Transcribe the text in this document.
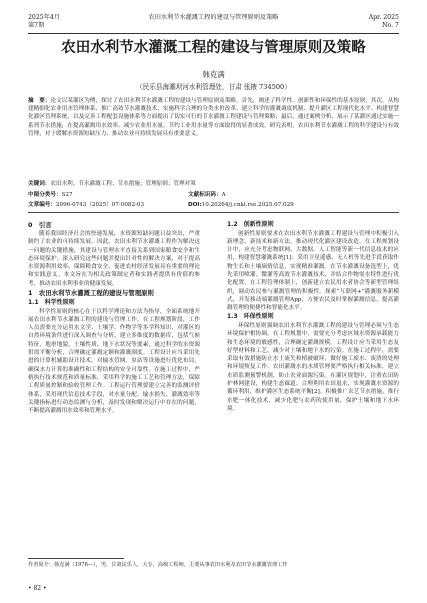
2025年4月
第7期
农田水利节水灌溉工程的建设与管理原则及策略	Apr. 2025
No. 7
农田水利节水灌溉工程的建设与管理原则及策略
韩克满
（民乐县海潮坝河水利管理处，甘肃 张掖 734500）
摘　要：论文以某灌区为例，探讨了农田水利节水灌溉工程的建设与管理原则及策略。首先，阐述了科学性、创新性和环保性的基本原则；其次，从构建精细化农业用水管理体系、推广高效节水灌溉技术、实施科学合理的分类水价改革、建立科学的灌溉调度机制、提升灌区工程现代化水平、构建智慧化灌区管理系统，以及完善工程配套设施体系等方面提出了切实可行的节水灌溉工程建设与管理策略；最后，通过案例分析，展示了某灌区通过实施一系列节水措施，在提高灌溉用水效率、减少农业用水量、节约工业用水量等方面取得的显著成效。研究表明，农田水利节水灌溉工程的科学建设与有效管理，对于缓解水资源短缺压力、推动农业可持续发展具有重要意义。
关键词：农田水利；节水灌溉工程；节水措施；管理原则；管理对策
中图分类号：S27	文献标识码：A
文章编号：2096-0743（2025）07-0082-03	DOI:10.20264/j.cnki.rse.2025.07.029
0　引言

随着我国经济社会的快速发展，水资源短缺问题日益突出，严重制约了农业的可持续发展。因此，农田水利节水灌溉工程作为解决这一问题的关键措施，其建设与管理水平直接关系到国家粮食安全和生态环境保护。深入研究这些问题并提出针对性的解决方案，对于提高水资源利用效率、保障粮食安全、促进农村经济发展具有重要的理论和实践意义。本文旨在为相关政策制定者和实践者提供有价值的参考，推动农田水利事业的健康发展。

1　农田水利节水灌溉工程的建设与管理原则
1.1　科学性原则

科学性原则的核心在于以科学理论和方法为指导，全面系统地开展农田水利节水灌溉工程的建设与管理工作。在工程规划阶段，工作人员需要充分运用水文学、土壤学、作物学等多学科知识，对灌区的自然环境条件进行深入调查与分析，建立多维度的数据库，包括气候特征、地形地貌、土壤性质、地下水状况等要素，通过科学的水资源供需平衡分析，合理确定灌溉定额和灌溉制度。工程设计应当采用先进的计算机辅助设计技术，对输水管网、泵站等设施进行优化布局，确保水力计算的准确性和工程结构的安全可靠性。在施工过程中，严格执行技术规范和质量标准，采用科学的施工工艺和管理方法，保障工程质量控制和验收管理工作。工程运行管理要建立完善的监测评价体系，采用现代信息技术手段，对水量分配、输水损失、灌溉效率等关键指标进行动态监测与分析，及时发现和解决运行中存在的问题，不断提高灌溉用水效率和管理水平。

1.2　创新性原则

创新性原则要求在农田水利节水灌溉工程建设与管理中积极引入新理念、新技术和新方法，推动现代化灌区建设改造。在工程规划设计中，应充分考虑物联网、大数据、人工智能等新一代信息技术的应用，构建智慧灌溉系统[1]：采用卫星遥感、无人机等先进手段获取作物生长和土壤墒情信息，实现精准灌溉。在节水灌溉设备选型上，优先采用喷灌、微灌等高效节水灌溉技术，并结合作物需水特性进行优化配置。在工程管理体制上，创新建立农民用水者协会等新型管理组织，调动农民参与灌溉管理的积极性。探索“互联网+”灌溉服务新模式，开发移动端灌溉管理App，方便农民及时掌握灌溉信息，提高灌溉管理的便捷性和智能化水平。

1.3　环保性原则

环保性原则强调农田水利节水灌溉工程的建设与管理必须与生态环境保护相协调。在工程规划中，需要充分考虑区域水资源承载能力和生态环境的敏感性，合理确定灌溉规模。工程设计应当采用生态友好型材料和工艺，减少对土壤和地下水的污染。在施工过程中，需要采取有效措施防止水土流失和植被破坏，做好施工废水、废渣的处理和环境恢复工作。农田灌溉水的水质管理要严格执行相关标准，建立水质监测预警机制，防止农业面源污染。在灌区规划中，注重农田防护林网建设，构建生态廊道。合理利用农田退水，实现灌溉水资源的循环利用，维护灌区生态系统平衡[2]。积极推广农艺节水措施，推行水肥一体化技术，减少化肥与农药的使用量，保护土壤和地下水环境。

作者简介：韩克满（1976—），男，甘肃民乐人，大专，高级工程师，主要从事农田水利及农田节水灌溉管理工作
• 82 •
